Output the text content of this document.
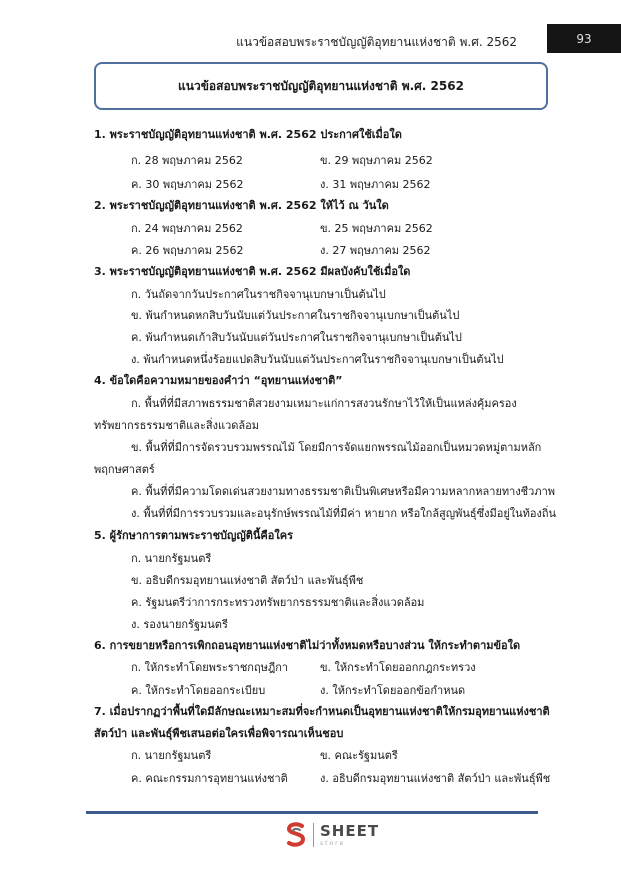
แนวข้อสอบพระราชบัญญัติอุทยานแห่งชาติ พ.ศ. 2562	93
แนวข้อสอบพระราชบัญญัติอุทยานแห่งชาติ พ.ศ. 2562
1. พระราชบัญญัติอุทยานแห่งชาติ พ.ศ. 2562 ประกาศใช้เมื่อใด
ก. 28 พฤษภาคม 2562	ข. 29 พฤษภาคม 2562
ค. 30 พฤษภาคม 2562	ง. 31 พฤษภาคม 2562
2. พระราชบัญญัติอุทยานแห่งชาติ พ.ศ. 2562 ให้ไว้ ณ วันใด
ก. 24 พฤษภาคม 2562	ข. 25 พฤษภาคม 2562
ค. 26 พฤษภาคม 2562	ง. 27 พฤษภาคม 2562
3. พระราชบัญญัติอุทยานแห่งชาติ พ.ศ. 2562 มีผลบังคับใช้เมื่อใด
ก. วันถัดจากวันประกาศในราชกิจจานุเบกษาเป็นต้นไป
ข. พ้นกำหนดหกสิบวันนับแต่วันประกาศในราชกิจจานุเบกษาเป็นต้นไป
ค. พ้นกำหนดเก้าสิบวันนับแต่วันประกาศในราชกิจจานุเบกษาเป็นต้นไป
ง. พ้นกำหนดหนึ่งร้อยแปดสิบวันนับแต่วันประกาศในราชกิจจานุเบกษาเป็นต้นไป
4. ข้อใดคือความหมายของคำว่า “อุทยานแห่งชาติ”
ก. พื้นที่ที่มีสภาพธรรมชาติสวยงามเหมาะแก่การสงวนรักษาไว้ให้เป็นแหล่งคุ้มครอง
ทรัพยากรธรรมชาติและสิ่งแวดล้อม
ข. พื้นที่ที่มีการจัดรวบรวมพรรณไม้ โดยมีการจัดแยกพรรณไม้ออกเป็นหมวดหมู่ตามหลัก
พฤกษศาสตร์
ค. พื้นที่ที่มีความโดดเด่นสวยงามทางธรรมชาติเป็นพิเศษหรือมีความหลากหลายทางชีวภาพ
ง. พื้นที่ที่มีการรวบรวมและอนุรักษ์พรรณไม้ที่มีค่า หายาก หรือใกล้สูญพันธุ์ซึ่งมีอยู่ในท้องถิ่น
5. ผู้รักษาการตามพระราชบัญญัตินี้คือใคร
ก. นายกรัฐมนตรี
ข. อธิบดีกรมอุทยานแห่งชาติ สัตว์ป่า และพันธุ์พืช
ค. รัฐมนตรีว่าการกระทรวงทรัพยากรธรรมชาติและสิ่งแวดล้อม
ง. รองนายกรัฐมนตรี
6. การขยายหรือการเพิกถอนอุทยานแห่งชาติไม่ว่าทั้งหมดหรือบางส่วน ให้กระทำตามข้อใด
ก. ให้กระทำโดยพระราชกฤษฎีกา	ข. ให้กระทำโดยออกกฎกระทรวง
ค. ให้กระทำโดยออกระเบียบ	ง. ให้กระทำโดยออกข้อกำหนด
7. เมื่อปรากฏว่าพื้นที่ใดมีลักษณะเหมาะสมที่จะกำหนดเป็นอุทยานแห่งชาติให้กรมอุทยานแห่งชาติ
สัตว์ป่า และพันธุ์พืชเสนอต่อใครเพื่อพิจารณาเห็นชอบ
ก. นายกรัฐมนตรี	ข. คณะรัฐมนตรี
ค. คณะกรรมการอุทยานแห่งชาติ	ง. อธิบดีกรมอุทยานแห่งชาติ สัตว์ป่า และพันธุ์พืช
SHEET
store
